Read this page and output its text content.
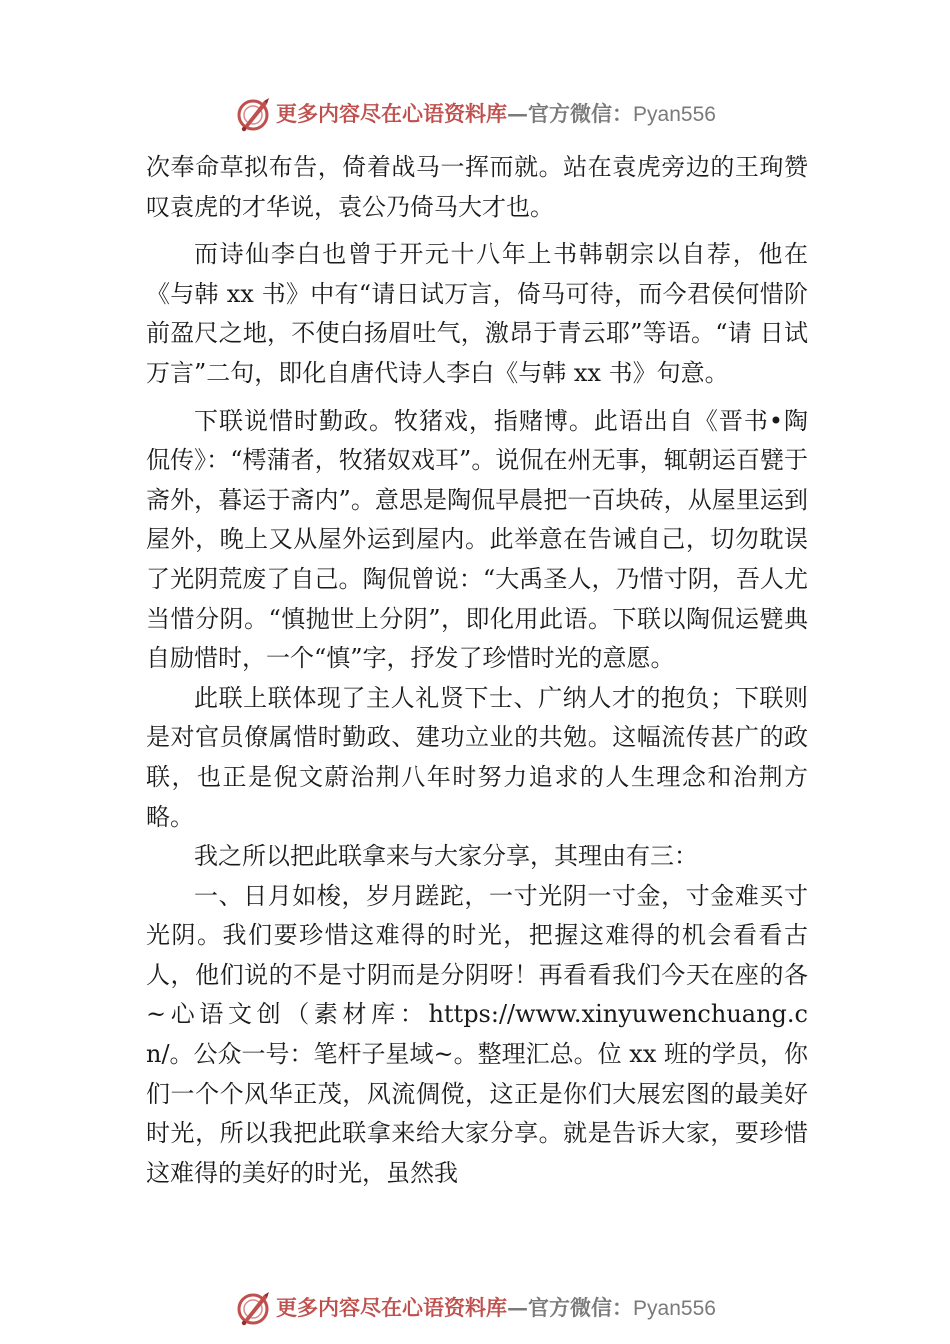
更多内容尽在心语资料库 — 官方微信： Pyan556

次奉命草拟布告，倚着战马一挥而就。站在袁虎旁边的王珣赞叹袁虎的才华说，袁公乃倚马大才也。

而诗仙李白也曾于开元十八年上书韩朝宗以自荐，他在《与韩 xx 书》中有“请日试万言，倚马可待，而今君侯何惜阶前盈尺之地，不使白扬眉吐气，激昂于青云耶”等语。“请 日试万言”二句，即化自唐代诗人李白《与韩 xx 书》句意。

下联说惜时勤政。牧猪戏，指赌博。此语出自《晋书•陶侃传》：“樗蒲者，牧猪奴戏耳”。说侃在州无事，辄朝运百甓于斋外，暮运于斋内”。意思是陶侃早晨把一百块砖，从屋里运到屋外，晚上又从屋外运到屋内。此举意在告诫自己，切勿耽误了光阴荒废了自己。陶侃曾说：“大禹圣人，乃惜寸阴，吾人尤当惜分阴。“慎抛世上分阴”，即化用此语。下联以陶侃运甓典自励惜时，一个“慎”字，抒发了珍惜时光的意愿。

此联上联体现了主人礼贤下士、广纳人才的抱负；下联则是对官员僚属惜时勤政、建功立业的共勉。这幅流传甚广的政联，也正是倪文蔚治荆八年时努力追求的人生理念和治荆方略。

我之所以把此联拿来与大家分享，其理由有三：

一、日月如梭，岁月蹉跎，一寸光阴一寸金，寸金难买寸光阴。我们要珍惜这难得的时光，把握这难得的机会看看古人，他们说的不是寸阴而是分阴呀！再看看我们今天在座的各~心语文创（素材库：https://www.xinyuwenchuang.cn/。公众一号：笔杆子星域~。整理汇总。位 xx 班的学员，你们一个个风华正茂，风流倜傥，这正是你们大展宏图的最美好时光，所以我把此联拿来给大家分享。就是告诉大家，要珍惜这难得的美好的时光，虽然我

更多内容尽在心语资料库 — 官方微信： Pyan556
